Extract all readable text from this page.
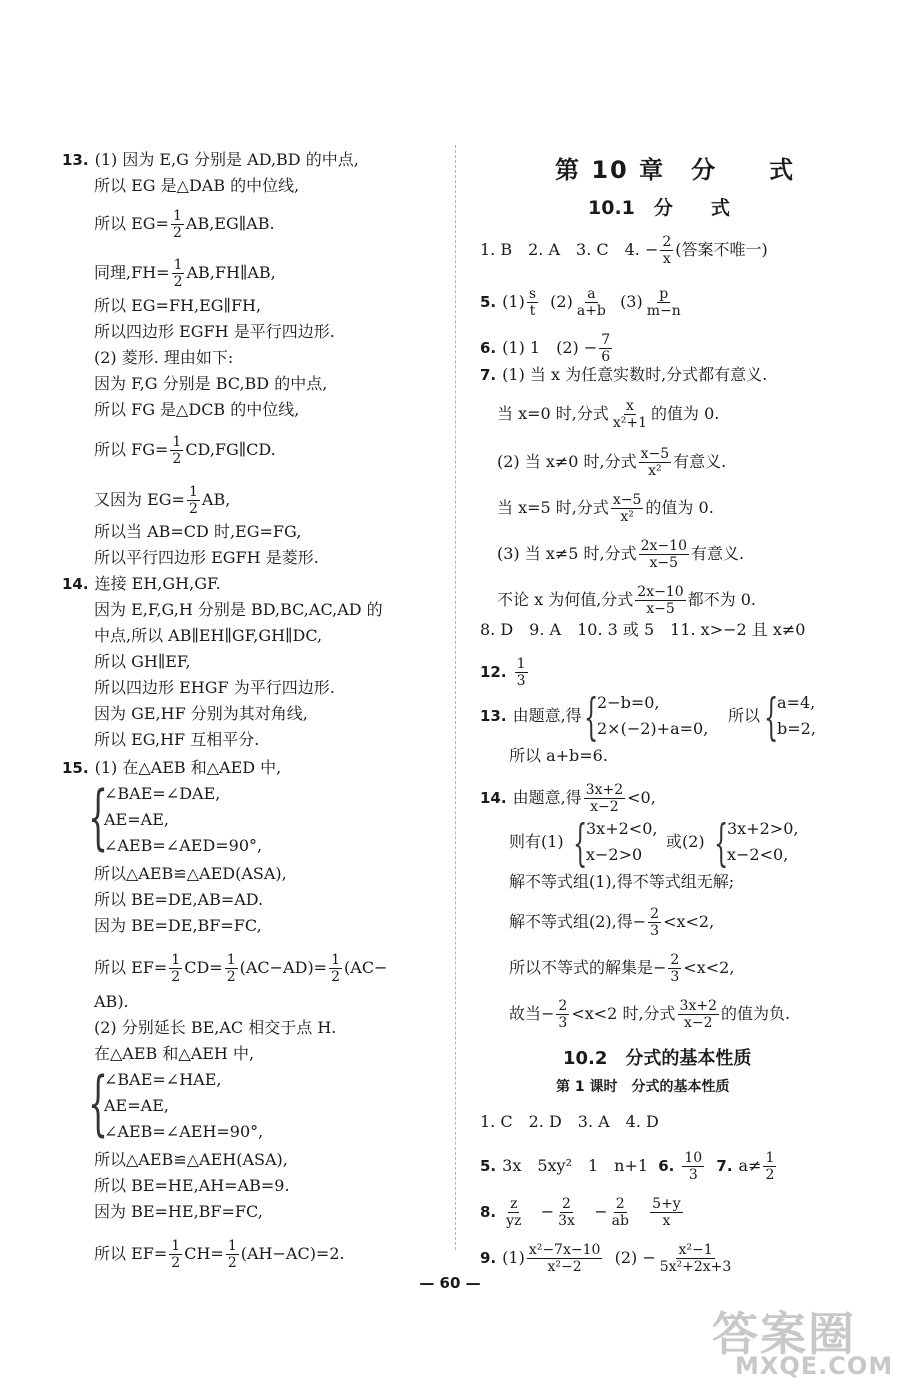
13. (1) 因为 E,G 分别是 AD,BD 的中点,
所以 EG 是△DAB 的中位线,
所以 $EG= \frac{1}{2}$ AB,EG∥AB.
同理$,FH= \frac{1}{2}$ AB,FH∥AB,
所以 EG=FH,EG∥FH,
所以四边形 EGFH 是平行四边形.
(2) 菱形. 理由如下:
因为 F,G 分别是 BC,BD 的中点,
所以 FG 是△DCB 的中位线,
所以 $FG= \frac{1}{2}$ CD,FG∥CD.
又因为 $EG= \frac{1}{2}$ AB,
所以当 AB=CD 时,EG=FG,
所以平行四边形 EGFH 是菱形.
14. 连接 EH,GH,GF.
因为 E,F,G,H 分别是 BD,BC,AC,AD 的
中点,所以 AB∥EH∥GF,GH∥DC,
所以 GH∥EF,
所以四边形 EHGF 为平行四边形.
因为 GE,HF 分别为其对角线,
所以 EG,HF 互相平分.
15. (1) 在△AEB 和△AED 中,
{
∠BAE=∠DAE,
AE=AE,
∠AEB=∠AED=90°,
所以△AEB≌△AED(ASA),
所以 BE=DE,AB=AD.
因为 BE=DE,BF=FC,
所以 $EF= \frac{1}{2} CD= \frac{1}{2} (AC-AD)= \frac{1}{2} (AC-$
AB).
(2) 分别延长 BE,AC 相交于点 H.
在△AEB 和△AEH 中,
{
∠BAE=∠HAE,
AE=AE,
∠AEB=∠AEH=90°,
所以△AEB≌△AEH(ASA),
所以 BE=HE,AH=AB=9.
因为 BE=HE,BF=FC,
所以 $EF= \frac{1}{2} CH= \frac{1}{2} (AH-AC)=2$.
第 10 章　分　　式
10.1　分　　式
1. B　2. A　3. C　4. − $\frac{2}{x}$ (答案不唯一)
5. $(1) \frac{s}{t} (2) \frac{a}{a+b} (3) \frac{p}{m-n}$
6. (1) 1　$(2) - \frac{7}{6}$
7. (1) 当 x 为任意实数时,分式都有意义.
当 x=0 时,分式 $\frac{x}{\text{x²+1}}$ 的值为 0.
(2) 当 x≠0 时,分式 $\frac{x-5}{\text{x²}}$ 有意义.
当 x=5 时,分式 $\frac{x-5}{\text{x²}}$ 的值为 0.
(3) 当 x≠5 时,分式 $\frac{2x-10}{x-5}$ 有意义.
不论 x 为何值,分式 $\frac{2x-10}{x-5}$ 都不为 0.
8. D　9. A　10. 3 或 5　11. x>−2 且 x≠0
12. $\frac{1}{3}$
13. 由题意,得 {
2−b=0,
2×(−2)+a=0,
所以 {
a=4,
b=2,
所以 a+b=6.
14. 由题意,得 $\frac{3x+2}{x-2} <0$,
则有(1) {
3x+2<0,
x−2>0
或(2) {
3x+2>0,
x−2<0,
解不等式组(1),得不等式组无解;
解不等式组(2),得− $\frac{2}{3} <x<2$,
所以不等式的解集是− $\frac{2}{3} <x<2$,
故当− $\frac{2}{3} <x<2$ 时,分式 $\frac{3x+2}{x-2}$ 的值为负.
10.2　分式的基本性质
第 1 课时　分式的基本性质
1. C　2. D　3. A　4. D
5. 3x　5xy²　1　n+1 6. $\frac{10}{3} 7$. $a\ne \frac{1}{2}$
8. $\frac{z}{yz} - \frac{2}{3x} - \frac{2}{ab}$
$\frac{5+y}{x}$
9. $(1) \frac{\text{x²−7x−10}}{\text{x²−2}} (2) - \frac{\text{x²−1}}{\text{5x²+2x+3}}$
— 60 —
答案圈
MXQE.COM
